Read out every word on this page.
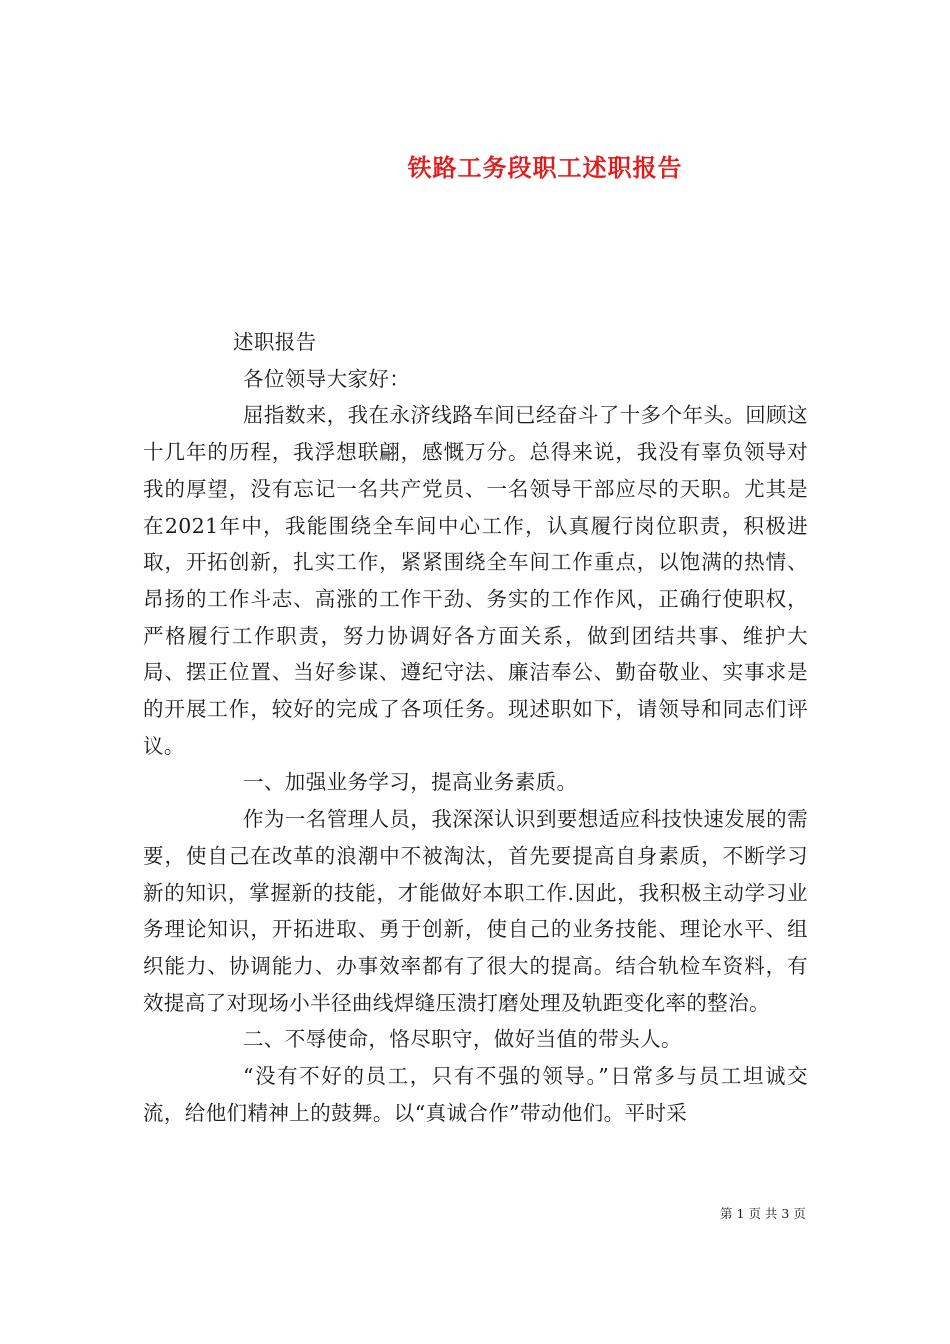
铁路工务段职工述职报告

述职报告

各位领导大家好：

屈指数来，我在永济线路车间已经奋斗了十多个年头。回顾这十几年的历程，我浮想联翩，感慨万分。总得来说，我没有辜负领导对我的厚望，没有忘记一名共产党员、一名领导干部应尽的天职。尤其是在2021年中，我能围绕全车间中心工作，认真履行岗位职责，积极进取，开拓创新，扎实工作，紧紧围绕全车间工作重点，以饱满的热情、昂扬的工作斗志、高涨的工作干劲、务实的工作作风，正确行使职权，严格履行工作职责，努力协调好各方面关系，做到团结共事、维护大局、摆正位置、当好参谋、遵纪守法、廉洁奉公、勤奋敬业、实事求是的开展工作，较好的完成了各项任务。现述职如下，请领导和同志们评议。

一、加强业务学习，提高业务素质。

作为一名管理人员，我深深认识到要想适应科技快速发展的需要，使自己在改革的浪潮中不被淘汰，首先要提高自身素质，不断学习新的知识，掌握新的技能，才能做好本职工作.因此，我积极主动学习业务理论知识，开拓进取、勇于创新，使自己的业务技能、理论水平、组织能力、协调能力、办事效率都有了很大的提高。结合轨检车资料，有效提高了对现场小半径曲线焊缝压溃打磨处理及轨距变化率的整治。

二、不辱使命，恪尽职守，做好当值的带头人。

“没有不好的员工，只有不强的领导。”日常多与员工坦诚交流，给他们精神上的鼓舞。以“真诚合作”带动他们。平时采

第 1 页 共 3 页
